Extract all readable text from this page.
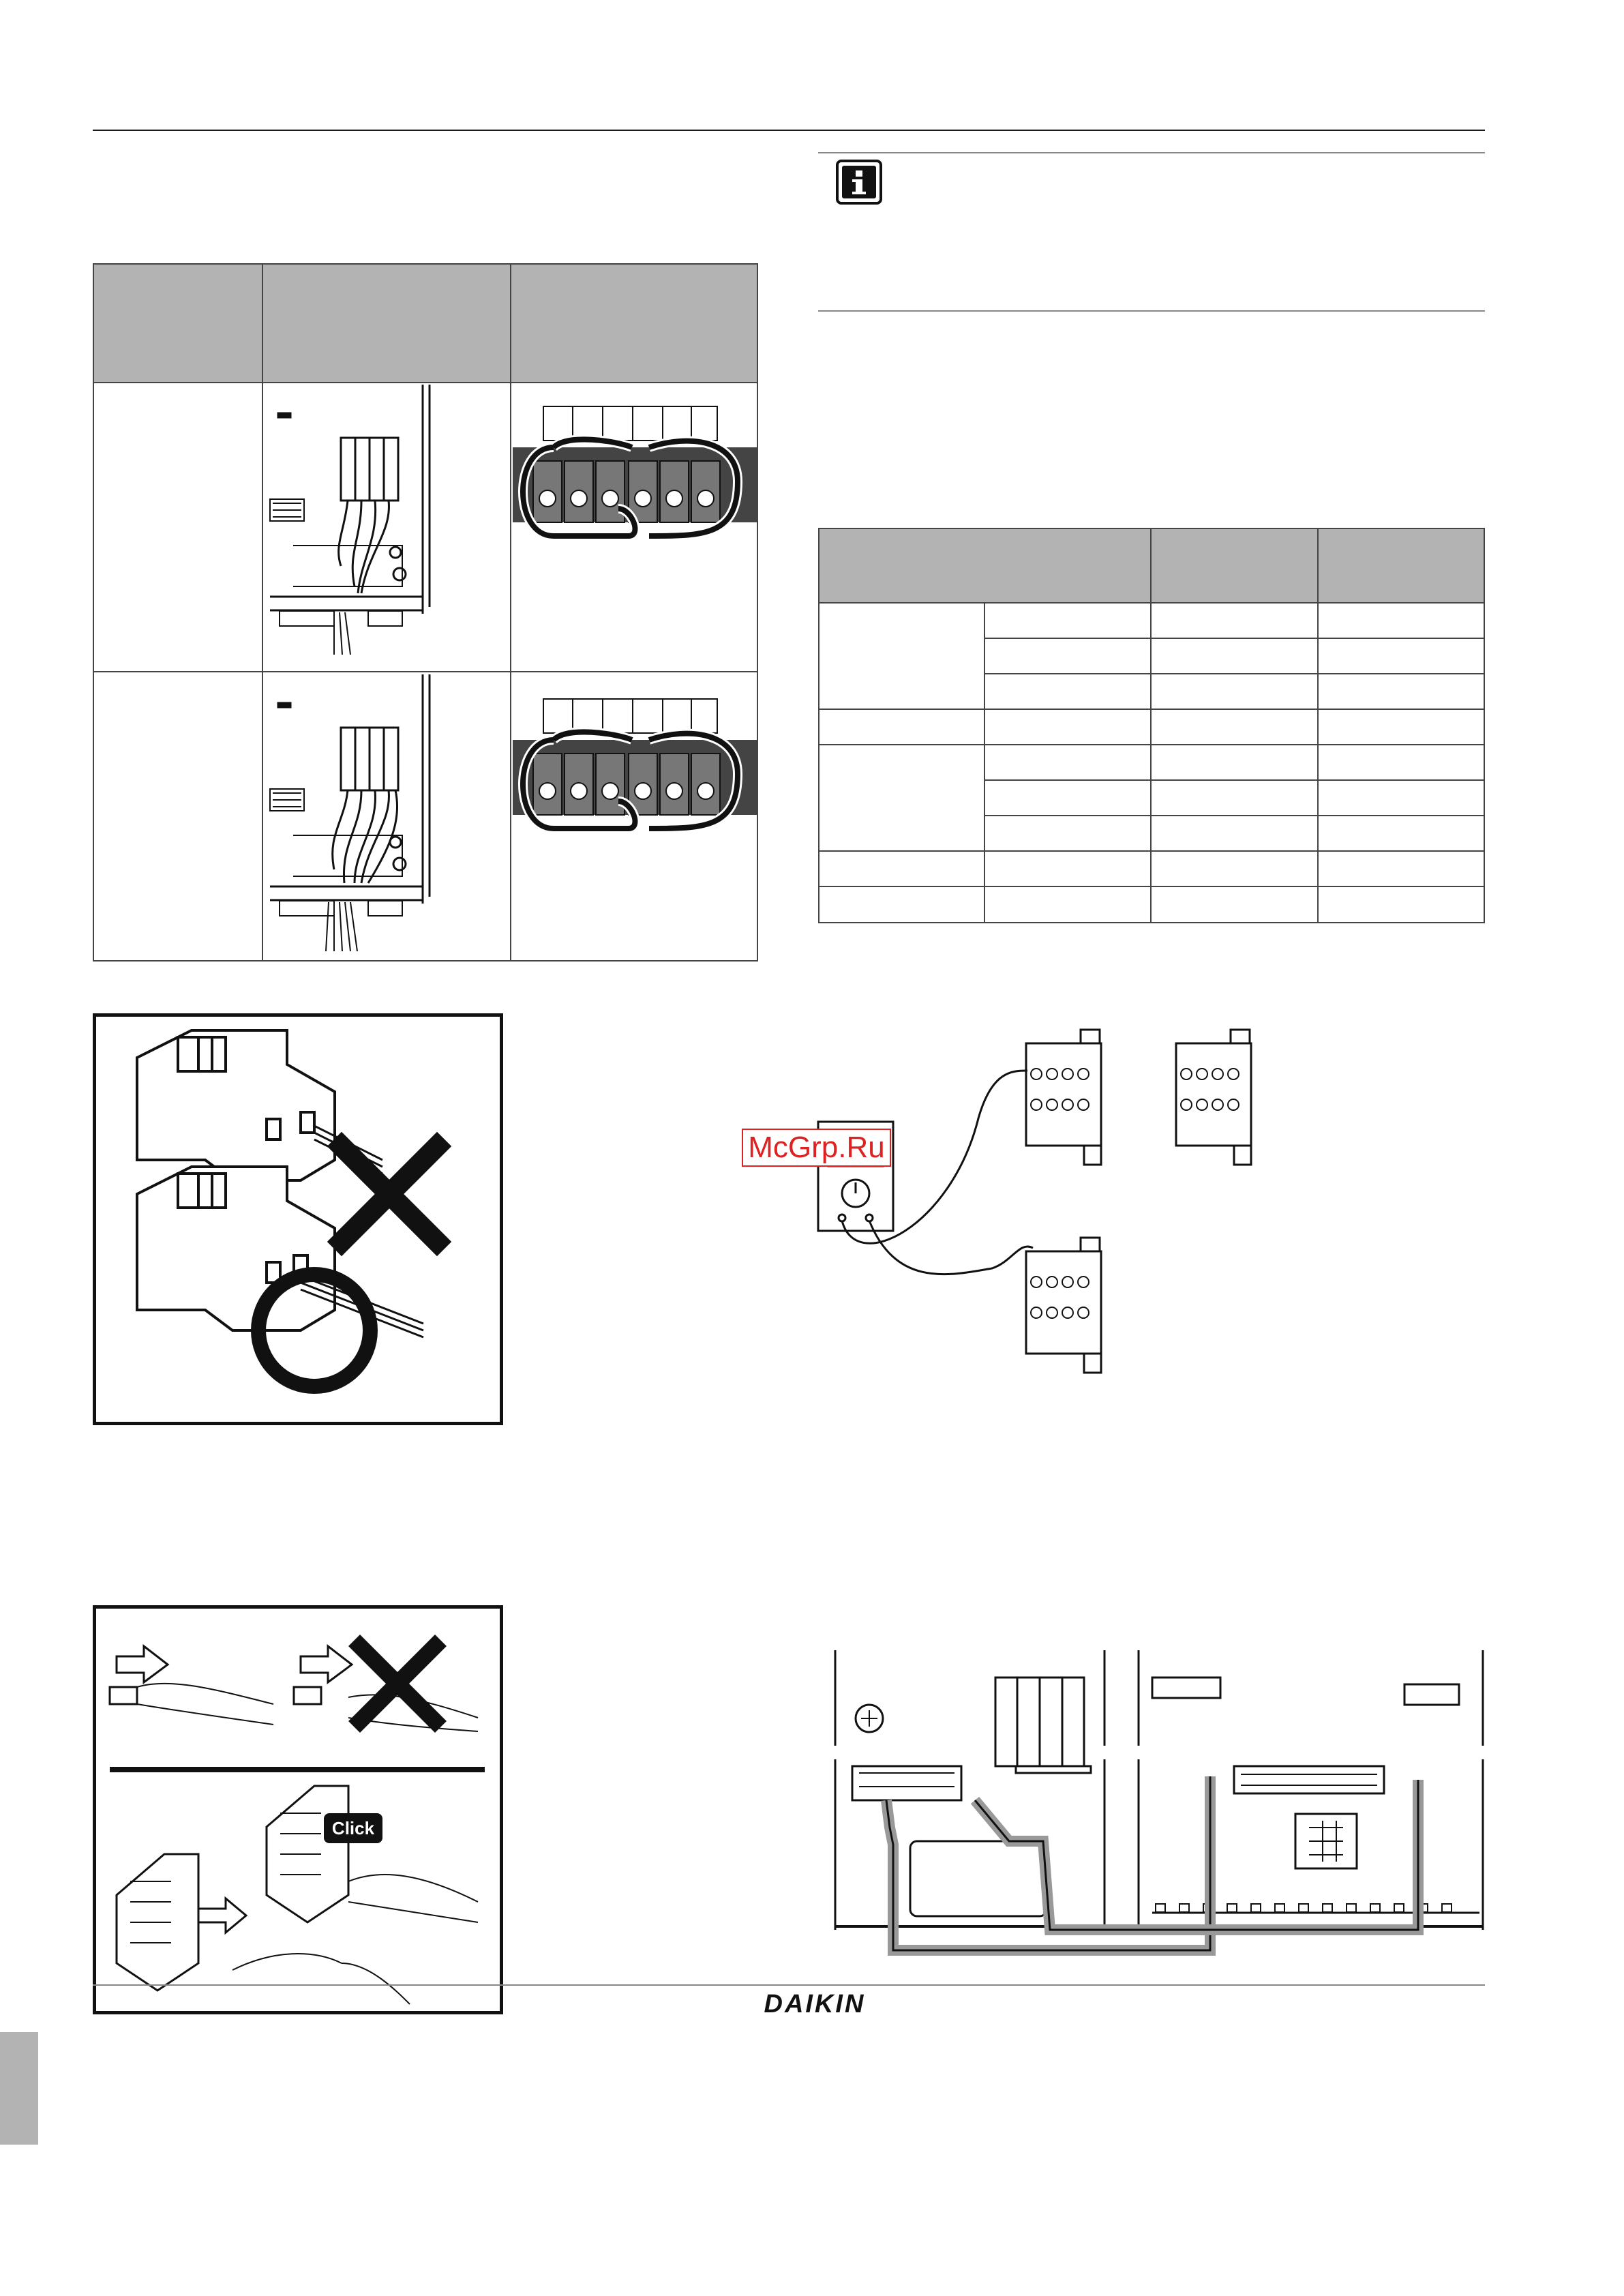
McGrp.Ru
Click
DAIKIN
